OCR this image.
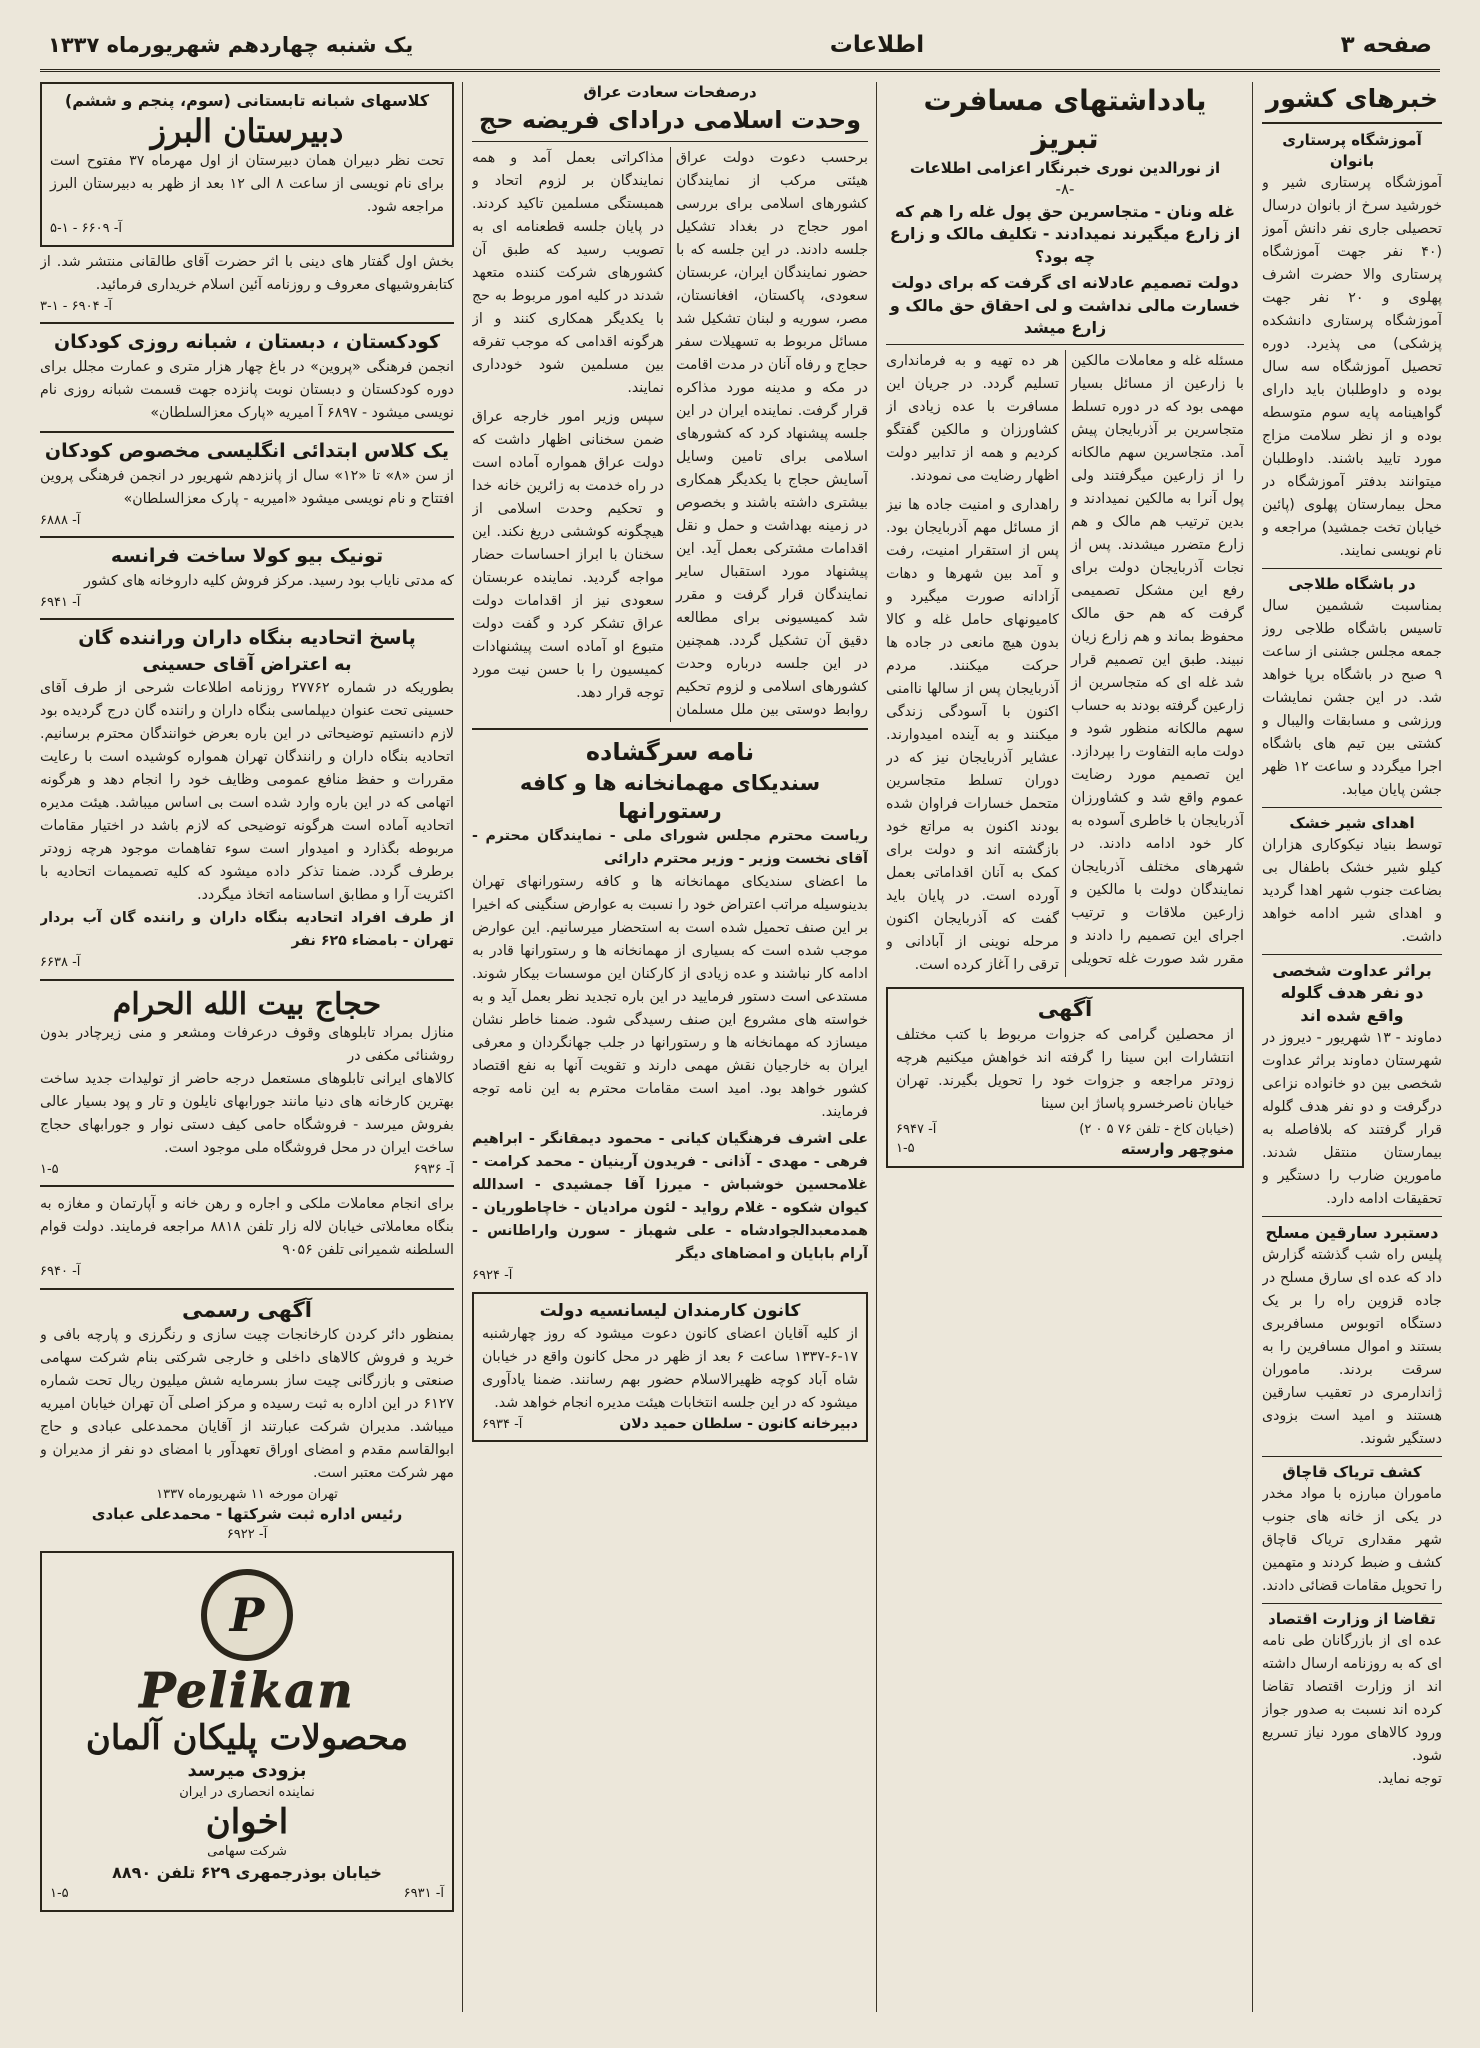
صفحه ۳
اطلاعات
یک شنبه چهاردهم شهریورماه ۱۳۳۷
خبرهای کشور
آموزشگاه پرستاری بانوان
آموزشگاه پرستاری شیر و خورشید سرخ از بانوان درسال تحصیلی جاری نفر دانش آموز (۴۰ نفر جهت آموزشگاه پرستاری والا حضرت اشرف پهلوی و ۲۰ نفر جهت آموزشگاه پرستاری دانشکده پزشکی) می پذیرد. دوره تحصیل آموزشگاه سه سال بوده و داوطلبان باید دارای گواهینامه پایه سوم متوسطه بوده و از نظر سلامت مزاج مورد تایید باشند. داوطلبان میتوانند بدفتر آموزشگاه در محل بیمارستان پهلوی (پائین خیابان تخت جمشید) مراجعه و نام نویسی نمایند.
در باشگاه طلاجی
بمناسبت ششمین سال تاسیس باشگاه طلاجی روز جمعه مجلس جشنی از ساعت ۹ صبح در باشگاه برپا خواهد شد. در این جشن نمایشات ورزشی و مسابقات والیبال و کشتی بین تیم های باشگاه اجرا میگردد و ساعت ۱۲ ظهر جشن پایان میابد.
اهدای شیر خشک
توسط بنیاد نیکوکاری هزاران کیلو شیر خشک باطفال بی بضاعت جنوب شهر اهدا گردید و اهدای شیر ادامه خواهد داشت.
براثر عداوت شخصی دو نفر هدف گلوله واقع شده اند
دماوند - ۱۳ شهریور - دیروز در شهرستان دماوند براثر عداوت شخصی بین دو خانواده نزاعی درگرفت و دو نفر هدف گلوله قرار گرفتند که بلافاصله به بیمارستان منتقل شدند. مامورین ضارب را دستگیر و تحقیقات ادامه دارد.
دستبرد سارقین مسلح
پلیس راه شب گذشته گزارش داد که عده ای سارق مسلح در جاده قزوین راه را بر یک دستگاه اتوبوس مسافربری بستند و اموال مسافرین را به سرقت بردند. ماموران ژاندارمری در تعقیب سارقین هستند و امید است بزودی دستگیر شوند.
کشف تریاک قاچاق
ماموران مبارزه با مواد مخدر در یکی از خانه های جنوب شهر مقداری تریاک قاچاق کشف و ضبط کردند و متهمین را تحویل مقامات قضائی دادند.
تقاضا از وزارت اقتصاد
عده ای از بازرگانان طی نامه ای که به روزنامه ارسال داشته اند از وزارت اقتصاد تقاضا کرده اند نسبت به صدور جواز ورود کالاهای مورد نیاز تسریع شود.
توجه نماید.
یادداشتهای مسافرت تبریز
از نورالدین نوری خبرنگار اعزامی اطلاعات
-۸-
غله ونان - متجاسرین حق پول غله را هم که از زارع میگیرند نمیدادند - تکلیف مالک و زارع چه بود؟
دولت تصمیم عادلانه ای گرفت که برای دولت خسارت مالی نداشت و لی احقاق حق مالک و زارع میشد
مسئله غله و معاملات مالکین با زارعین از مسائل بسیار مهمی بود که در دوره تسلط متجاسرین بر آذربایجان پیش آمد. متجاسرین سهم مالکانه را از زارعین میگرفتند ولی پول آنرا به مالکین نمیدادند و بدین ترتیب هم مالک و هم زارع متضرر میشدند. پس از نجات آذربایجان دولت برای رفع این مشکل تصمیمی گرفت که هم حق مالک محفوظ بماند و هم زارع زیان نبیند. طبق این تصمیم قرار شد غله ای که متجاسرین از زارعین گرفته بودند به حساب سهم مالکانه منظور شود و دولت مابه التفاوت را بپردازد. این تصمیم مورد رضایت عموم واقع شد و کشاورزان آذربایجان با خاطری آسوده به کار خود ادامه دادند. در شهرهای مختلف آذربایجان نمایندگان دولت با مالکین و زارعین ملاقات و ترتیب اجرای این تصمیم را دادند و مقرر شد صورت غله تحویلی هر ده تهیه و به فرمانداری تسلیم گردد. در جریان این مسافرت با عده زیادی از کشاورزان و مالکین گفتگو کردیم و همه از تدابیر دولت اظهار رضایت می نمودند.
راهداری و امنیت جاده ها نیز از مسائل مهم آذربایجان بود. پس از استقرار امنیت، رفت و آمد بین شهرها و دهات آزادانه صورت میگیرد و کامیونهای حامل غله و کالا بدون هیچ مانعی در جاده ها حرکت میکنند. مردم آذربایجان پس از سالها ناامنی اکنون با آسودگی زندگی میکنند و به آینده امیدوارند. عشایر آذربایجان نیز که در دوران تسلط متجاسرین متحمل خسارات فراوان شده بودند اکنون به مراتع خود بازگشته اند و دولت برای کمک به آنان اقداماتی بعمل آورده است. در پایان باید گفت که آذربایجان اکنون مرحله نوینی از آبادانی و ترقی را آغاز کرده است.
آگهی
از محصلین گرامی که جزوات مربوط با کتب مختلف انتشارات ابن سینا را گرفته اند خواهش میکنیم هرچه زودتر مراجعه و جزوات خود را تحویل بگیرند. تهران خیابان ناصرخسرو پاساژ ابن سینا
(خیابان کاخ - تلفن ۷۶ ۵ ۰ ۲)
آ- ۶۹۴۷
منوچهر وارسته
۱-۵
درصفحات سعادت عراق
وحدت اسلامی درادای فریضه حج
برحسب دعوت دولت عراق هیئتی مرکب از نمایندگان کشورهای اسلامی برای بررسی امور حجاج در بغداد تشکیل جلسه دادند. در این جلسه که با حضور نمایندگان ایران، عربستان سعودی، پاکستان، افغانستان، مصر، سوریه و لبنان تشکیل شد مسائل مربوط به تسهیلات سفر حجاج و رفاه آنان در مدت اقامت در مکه و مدینه مورد مذاکره قرار گرفت. نماینده ایران در این جلسه پیشنهاد کرد که کشورهای اسلامی برای تامین وسایل آسایش حجاج با یکدیگر همکاری بیشتری داشته باشند و بخصوص در زمینه بهداشت و حمل و نقل اقدامات مشترکی بعمل آید. این پیشنهاد مورد استقبال سایر نمایندگان قرار گرفت و مقرر شد کمیسیونی برای مطالعه دقیق آن تشکیل گردد. همچنین در این جلسه درباره وحدت کشورهای اسلامی و لزوم تحکیم روابط دوستی بین ملل مسلمان مذاکراتی بعمل آمد و همه نمایندگان بر لزوم اتحاد و همبستگی مسلمین تاکید کردند. در پایان جلسه قطعنامه ای به تصویب رسید که طبق آن کشورهای شرکت کننده متعهد شدند در کلیه امور مربوط به حج با یکدیگر همکاری کنند و از هرگونه اقدامی که موجب تفرقه بین مسلمین شود خودداری نمایند.
سپس وزیر امور خارجه عراق ضمن سخنانی اظهار داشت که دولت عراق همواره آماده است در راه خدمت به زائرین خانه خدا و تحکیم وحدت اسلامی از هیچگونه کوششی دریغ نکند. این سخنان با ابراز احساسات حضار مواجه گردید. نماینده عربستان سعودی نیز از اقدامات دولت عراق تشکر کرد و گفت دولت متبوع او آماده است پیشنهادات کمیسیون را با حسن نیت مورد توجه قرار دهد.
نامه سرگشاده
سندیکای مهمانخانه ها و کافه رستورانها
ریاست محترم مجلس شورای ملی - نمایندگان محترم - آقای نخست وزیر - وزیر محترم دارائی
ما اعضای سندیکای مهمانخانه ها و کافه رستورانهای تهران بدینوسیله مراتب اعتراض خود را نسبت به عوارض سنگینی که اخیرا بر این صنف تحمیل شده است به استحضار میرسانیم. این عوارض موجب شده است که بسیاری از مهمانخانه ها و رستورانها قادر به ادامه کار نباشند و عده زیادی از کارکنان این موسسات بیکار شوند. مستدعی است دستور فرمایید در این باره تجدید نظر بعمل آید و به خواسته های مشروع این صنف رسیدگی شود. ضمنا خاطر نشان میسازد که مهمانخانه ها و رستورانها در جلب جهانگردان و معرفی ایران به خارجیان نقش مهمی دارند و تقویت آنها به نفع اقتصاد کشور خواهد بود. امید است مقامات محترم به این نامه توجه فرمایند.
علی اشرف فرهنگیان کیانی - محمود دیمقانگر - ابراهیم فرهی - مهدی - آذانی - فریدون آرینیان - محمد کرامت - غلامحسین خوشباش - میرزا آقا جمشیدی - اسدالله کیوان شکوه - غلام رواید - لئون مرادیان - خاچاطوریان - همدمعبدالجوادشاه - علی شهباز - سورن واراطانس - آرام بابایان و امضاهای دیگر
آ- ۶۹۲۴
کانون کارمندان لیسانسیه دولت
از کلیه آقایان اعضای کانون دعوت میشود که روز چهارشنبه ۱۷-۶-۱۳۳۷ ساعت ۶ بعد از ظهر در محل کانون واقع در خیابان شاه آباد کوچه ظهیرالاسلام حضور بهم رسانند. ضمنا یادآوری میشود که در این جلسه انتخابات هیئت مدیره انجام خواهد شد.
دبیرخانه کانون - سلطان حمید دلان
آ- ۶۹۳۴
کلاسهای شبانه تابستانی (سوم، پنجم و ششم)
دبیرستان البرز
تحت نظر دبیران همان دبیرستان از اول مهرماه ۳۷ مفتوح است برای نام نویسی از ساعت ۸ الی ۱۲ بعد از ظهر به دبیرستان البرز مراجعه شود.
آ- ۶۶۰۹ - ۱-۵
بخش اول گفتار های دینی با اثر حضرت آقای طالقانی منتشر شد. از کتابفروشیهای معروف و روزنامه آئین اسلام خریداری فرمائید.
آ- ۶۹۰۴ - ۱-۳
کودکستان ، دبستان ، شبانه روزی کودکان
انجمن فرهنگی «پروین» در باغ چهار هزار متری و عمارت مجلل برای دوره کودکستان و دبستان نوبت پانزده جهت قسمت شبانه روزی نام نویسی میشود - ۶۸۹۷ آ امیریه «پارک معزالسلطان»
یک کلاس ابتدائی انگلیسی مخصوص کودکان
از سن «۸» تا «۱۲» سال از پانزدهم شهریور در انجمن فرهنگی پروین افتتاح و نام نویسی میشود «امیریه - پارک معزالسلطان»
آ- ۶۸۸۸
تونیک بیو کولا ساخت فرانسه
که مدتی نایاب بود رسید. مرکز فروش کلیه داروخانه های کشور
آ- ۶۹۴۱
پاسخ اتحادیه بنگاه داران وراننده گان
به اعتراض آقای حسینی
بطوریکه در شماره ۲۷۷۶۲ روزنامه اطلاعات شرحی از طرف آقای حسینی تحت عنوان دیپلماسی بنگاه داران و راننده گان درج گردیده بود لازم دانستیم توضیحاتی در این باره بعرض خوانندگان محترم برسانیم. اتحادیه بنگاه داران و رانندگان تهران همواره کوشیده است با رعایت مقررات و حفظ منافع عمومی وظایف خود را انجام دهد و هرگونه اتهامی که در این باره وارد شده است بی اساس میباشد. هیئت مدیره اتحادیه آماده است هرگونه توضیحی که لازم باشد در اختیار مقامات مربوطه بگذارد و امیدوار است سوء تفاهمات موجود هرچه زودتر برطرف گردد. ضمنا تذکر داده میشود که کلیه تصمیمات اتحادیه با اکثریت آرا و مطابق اساسنامه اتخاذ میگردد.
از طرف افراد اتحادیه بنگاه داران و راننده گان آب بردار تهران - بامضاء ۶۲۵ نفر
آ- ۶۶۳۸
حجاج بیت الله الحرام
منازل بمراد تابلوهای وقوف درعرفات ومشعر و منی زیرچادر بدون روشنائی مکفی در
کالاهای ایرانی تابلوهای مستعمل درجه حاضر از تولیدات جدید ساخت بهترین کارخانه های دنیا مانند جورابهای نایلون و تار و پود بسیار عالی بفروش میرسد - فروشگاه حامی کیف دستی نوار و جورابهای حجاج ساخت ایران در محل فروشگاه ملی موجود است.
آ- ۶۹۳۶
۱-۵
برای انجام معاملات ملکی و اجاره و رهن خانه و آپارتمان و مغازه به بنگاه معاملاتی خیابان لاله زار تلفن ۸۸۱۸ مراجعه فرمایند. دولت قوام السلطنه شمیرانی تلفن ۹۰۵۶
آ- ۶۹۴۰
آگهی رسمی
بمنظور دائر کردن کارخانجات چیت سازی و رنگرزی و پارچه بافی و خرید و فروش کالاهای داخلی و خارجی شرکتی بنام شرکت سهامی صنعتی و بازرگانی چیت ساز بسرمایه شش میلیون ریال تحت شماره ۶۱۲۷ در این اداره به ثبت رسیده و مرکز اصلی آن تهران خیابان امیریه میباشد. مدیران شرکت عبارتند از آقایان محمدعلی عبادی و حاج ابوالقاسم مقدم و امضای اوراق تعهدآور با امضای دو نفر از مدیران و مهر شرکت معتبر است.
تهران مورخه ۱۱ شهریورماه ۱۳۳۷
رئیس اداره ثبت شرکتها - محمدعلی عبادی
آ- ۶۹۲۲
P
Pelikan
محصولات پلیکان آلمان
بزودی میرسد
نماینده انحصاری در ایران
اخوان
شرکت سهامی
خیابان بوذرجمهری ۶۲۹ تلفن ۸۸۹۰
آ- ۶۹۳۱
۱-۵
